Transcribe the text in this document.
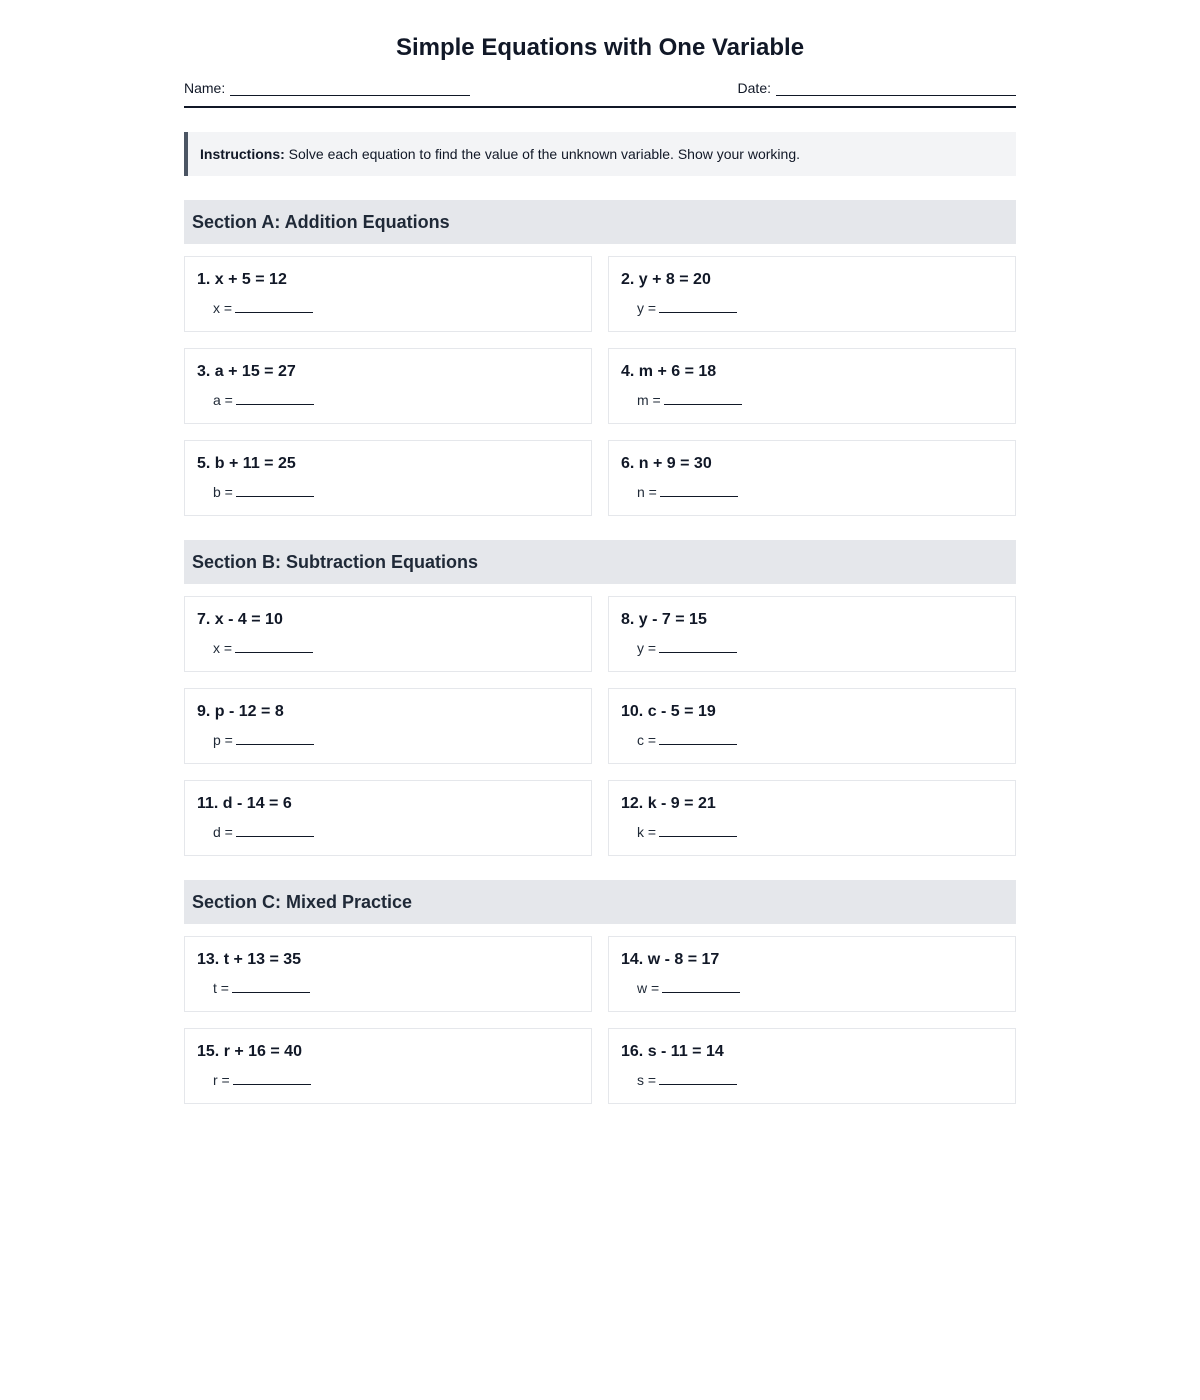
Simple Equations with One Variable
Name:	Date:
Instructions: Solve each equation to find the value of the unknown variable. Show your working.
Section A: Addition Equations
1. x + 5 = 12
x =
2. y + 8 = 20
y =
3. a + 15 = 27
a =
4. m + 6 = 18
m =
5. b + 11 = 25
b =
6. n + 9 = 30
n =
Section B: Subtraction Equations
7. x - 4 = 10
x =
8. y - 7 = 15
y =
9. p - 12 = 8
p =
10. c - 5 = 19
c =
11. d - 14 = 6
d =
12. k - 9 = 21
k =
Section C: Mixed Practice
13. t + 13 = 35
t =
14. w - 8 = 17
w =
15. r + 16 = 40
r =
16. s - 11 = 14
s =
